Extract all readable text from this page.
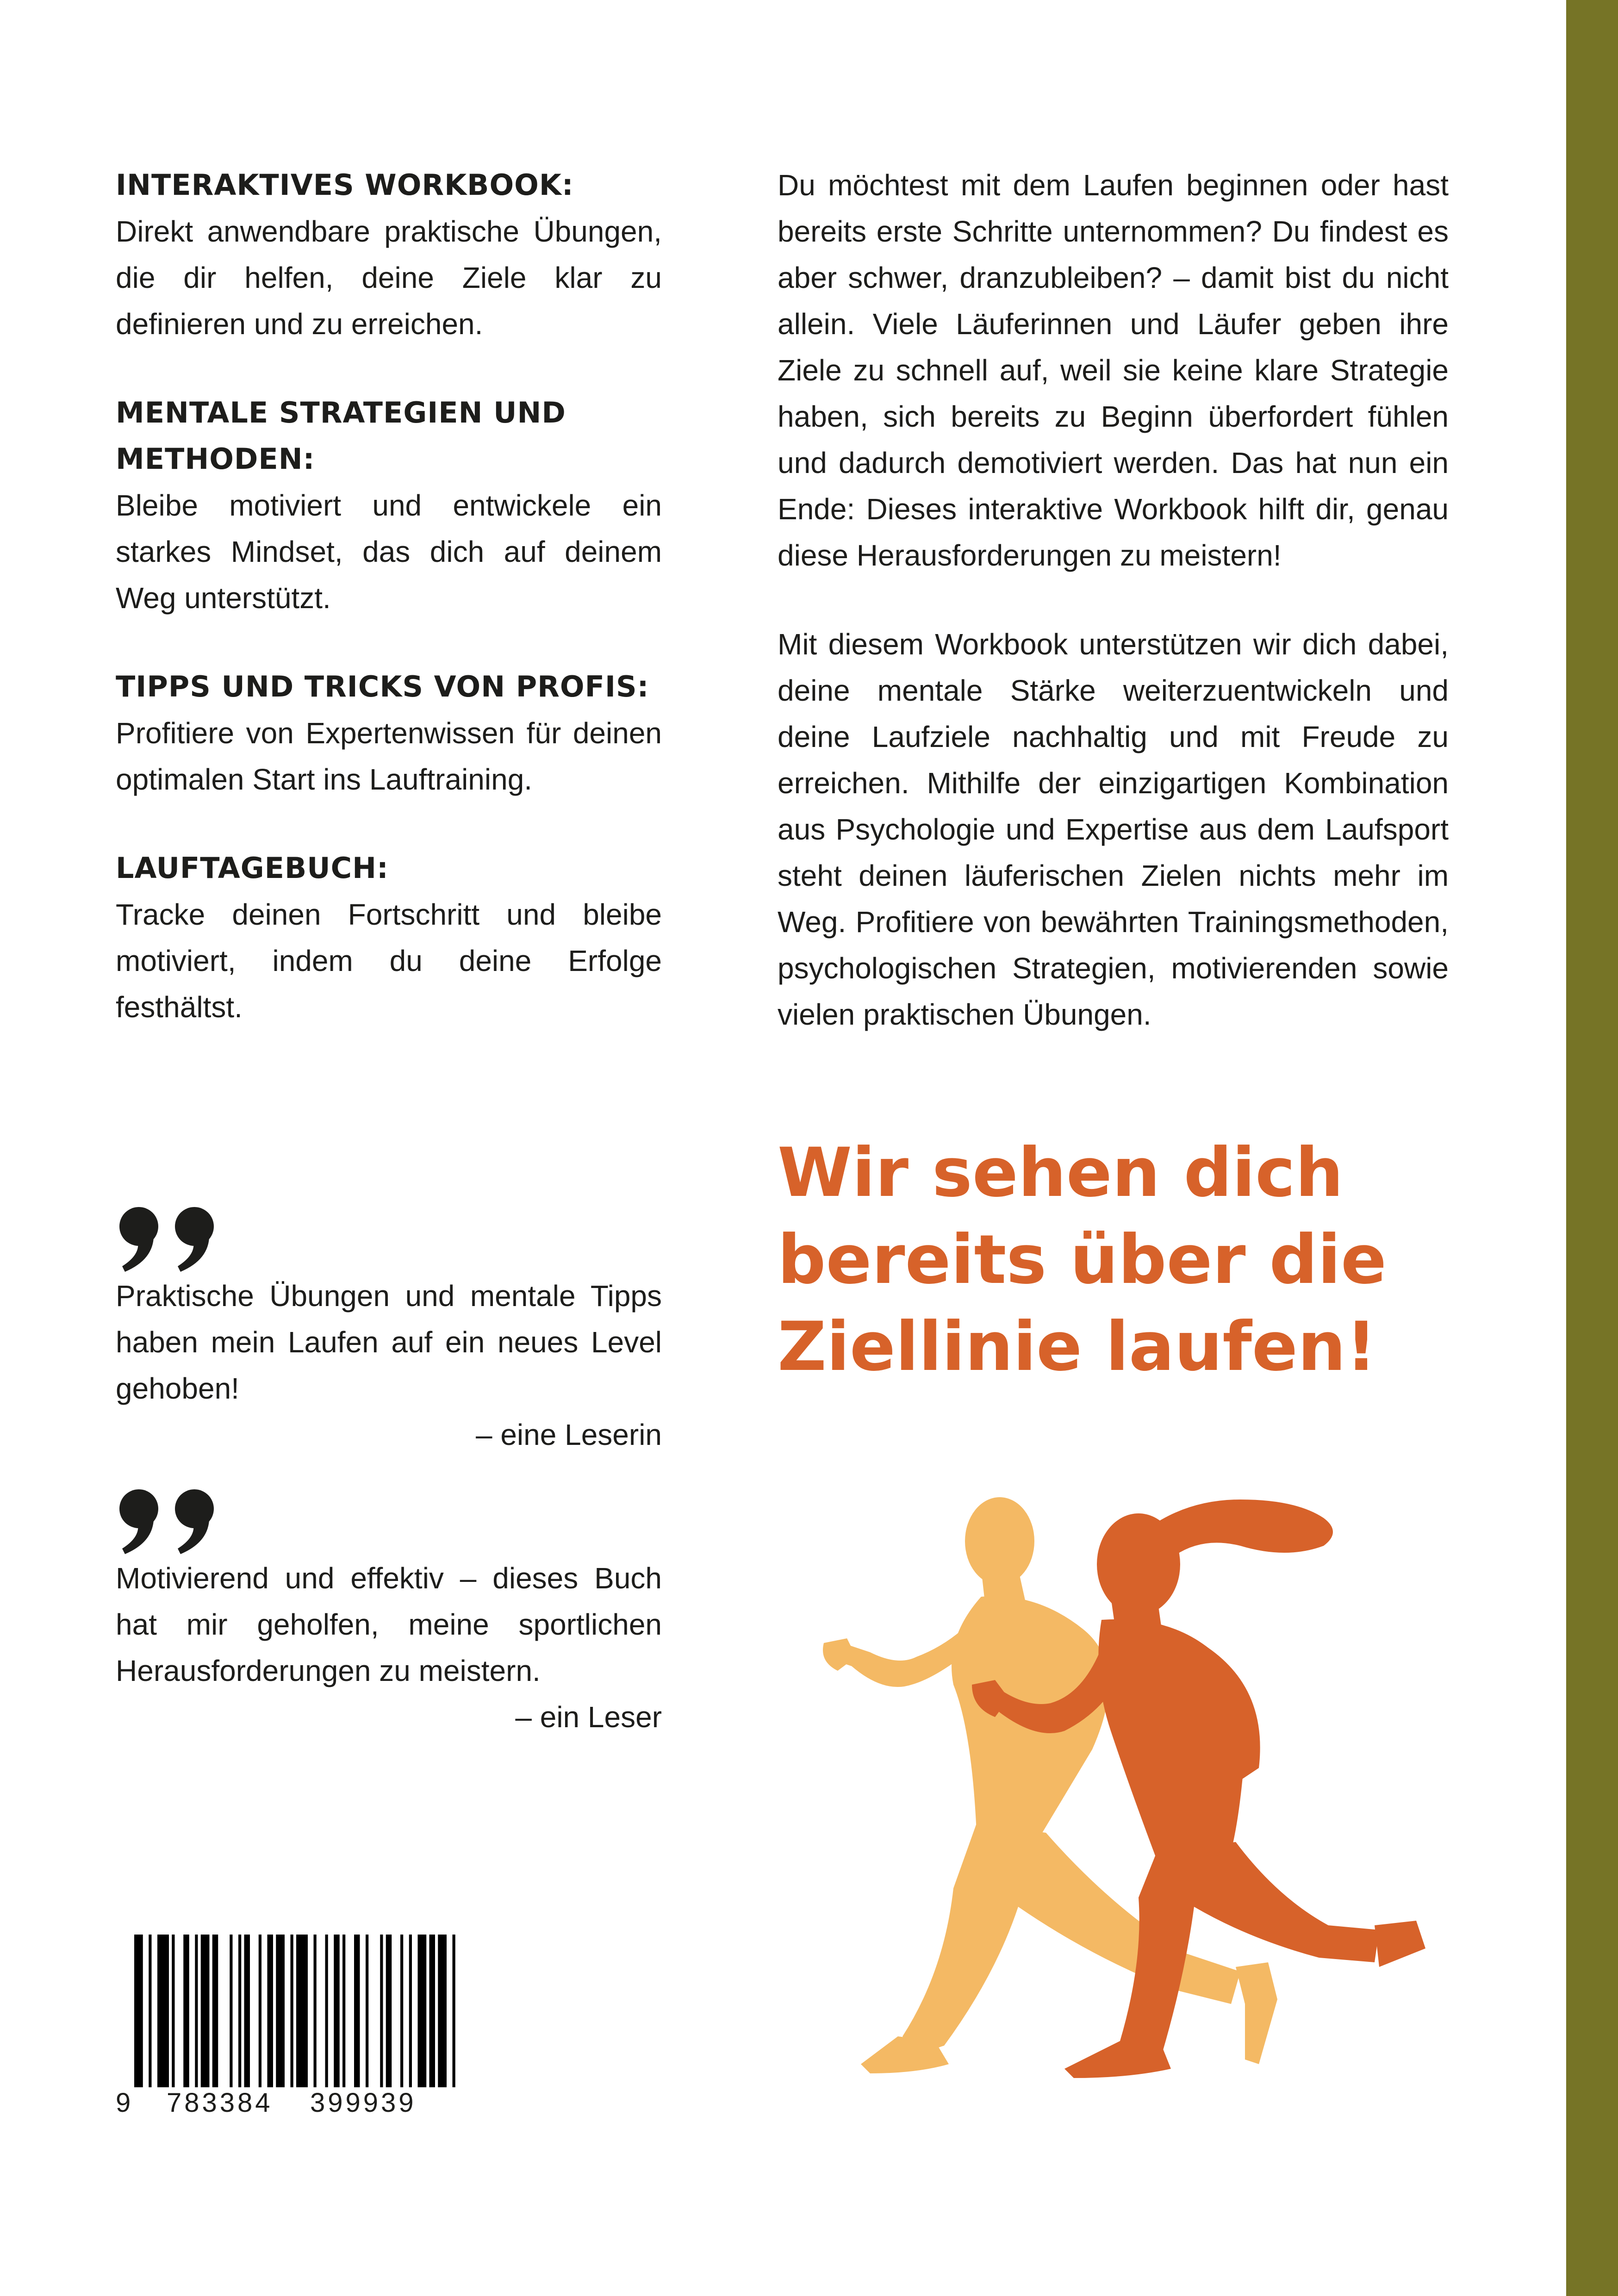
INTERAKTIVES WORKBOOK:
Direkt anwendbare praktische Übungen, die dir helfen, deine Ziele klar zu definieren und zu erreichen.
MENTALE STRATEGIEN UND METHODEN:
Bleibe motiviert und entwickele ein starkes Mindset, das dich auf deinem Weg unterstützt.
TIPPS UND TRICKS VON PROFIS:
Profitiere von Expertenwissen für deinen optimalen Start ins Lauftraining.
LAUFTAGEBUCH:
Tracke deinen Fortschritt und bleibe motiviert, indem du deine Erfolge festhältst.

Du möchtest mit dem Laufen beginnen oder hast bereits erste Schritte unternommen? Du findest es aber schwer, dranzubleiben? – damit bist du nicht allein. Viele Läuferinnen und Läufer geben ihre Ziele zu schnell auf, weil sie keine klare Strategie haben, sich bereits zu Beginn überfordert fühlen und dadurch demotiviert werden. Das hat nun ein Ende: Dieses interaktive Workbook hilft dir, genau diese Herausforderungen zu meistern!

Mit diesem Workbook unterstützen wir dich dabei, deine mentale Stärke weiterzuentwickeln und deine Laufziele nachhaltig und mit Freude zu erreichen. Mithilfe der einzigartigen Kombination aus Psychologie und Expertise aus dem Laufsport steht deinen läuferischen Zielen nichts mehr im Weg. Profitiere von bewährten Trainingsmethoden, psychologischen Strategien, motivierenden sowie vielen praktischen Übungen.

Wir sehen dich bereits über die Ziellinie laufen!

Praktische Übungen und mentale Tipps haben mein Laufen auf ein neues Level gehoben!

– eine Leserin

Motivierend und effektiv – dieses Buch hat mir geholfen, meine sportlichen Herausforderungen zu meistern.

– ein Leser

9 783384 399939
